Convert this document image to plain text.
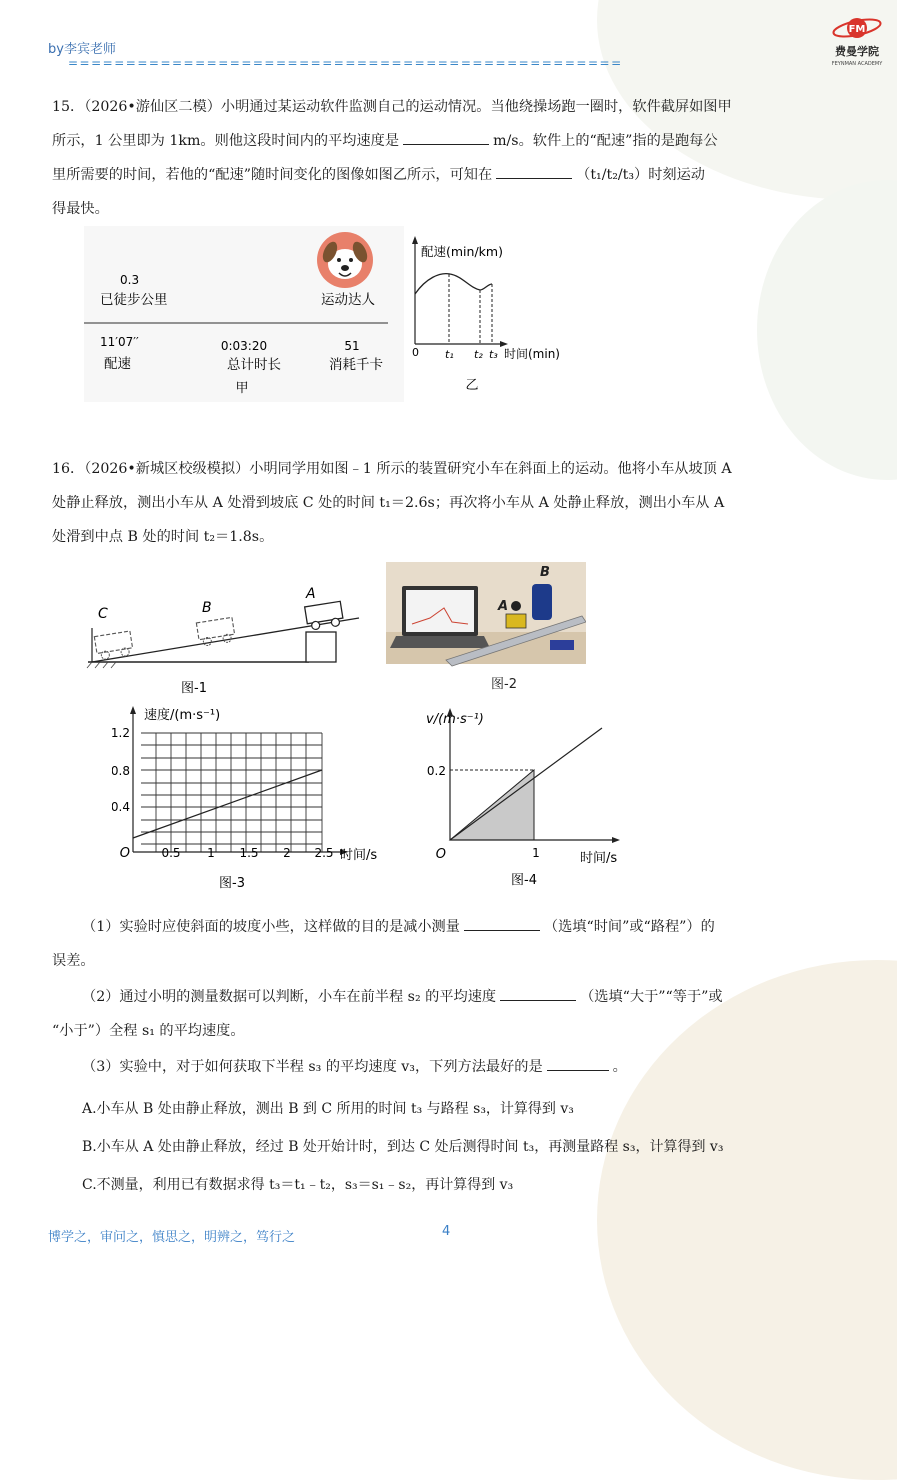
by李宾老师
================================================
FM
费曼学院
FEYNMAN ACADEMY
15．（2026•游仙区二模）小明通过某运动软件监测自己的运动情况。当他绕操场跑一圈时，软件截屏如图甲
所示，1 公里即为 1km。则他这段时间内的平均速度是	m/s。软件上的“配速”指的是跑每公
里所需要的时间，若他的“配速”随时间变化的图像如图乙所示，可知在	（t₁/t₂/t₃）时刻运动
得最快。
0.3
已徒步公里	运动达人
11′07′′
配速
0:03:20
总计时长
51
消耗千卡
甲
配速(min/km)
时间(min)
0 t₁ t₂ t₃
乙
16．（2026•新城区校级模拟）小明同学用如图﹣1 所示的装置研究小车在斜面上的运动。他将小车从坡顶 A
处静止释放，测出小车从 A 处滑到坡底 C 处的时间 t₁＝2.6s；再次将小车从 A 处静止释放，测出小车从 A
处滑到中点 B 处的时间 t₂＝1.8s。
C	B
A
图-1
A
B
图-2
速度/(m·s⁻¹)
时间/s
O
0.4
0.8
1.2
0.5 1 1.5 2 2.5
图-3
v/(m·s⁻¹)
时间/s
O
0.2
1
图-4
（1）实验时应使斜面的坡度小些，这样做的目的是减小测量	（选填“时间”或“路程”）的
误差。
（2）通过小明的测量数据可以判断，小车在前半程 s₂ 的平均速度	（选填“大于”“等于”或
“小于”）全程 s₁ 的平均速度。
（3）实验中，对于如何获取下半程 s₃ 的平均速度 v₃，下列方法最好的是	。
A.小车从 B 处由静止释放，测出 B 到 C 所用的时间 t₃ 与路程 s₃，计算得到 v₃
B.小车从 A 处由静止释放，经过 B 处开始计时，到达 C 处后测得时间 t₃，再测量路程 s₃，计算得到 v₃
C.不测量，利用已有数据求得 t₃＝t₁﹣t₂，s₃＝s₁﹣s₂，再计算得到 v₃
博学之，审问之，慎思之，明辨之，笃行之	4
